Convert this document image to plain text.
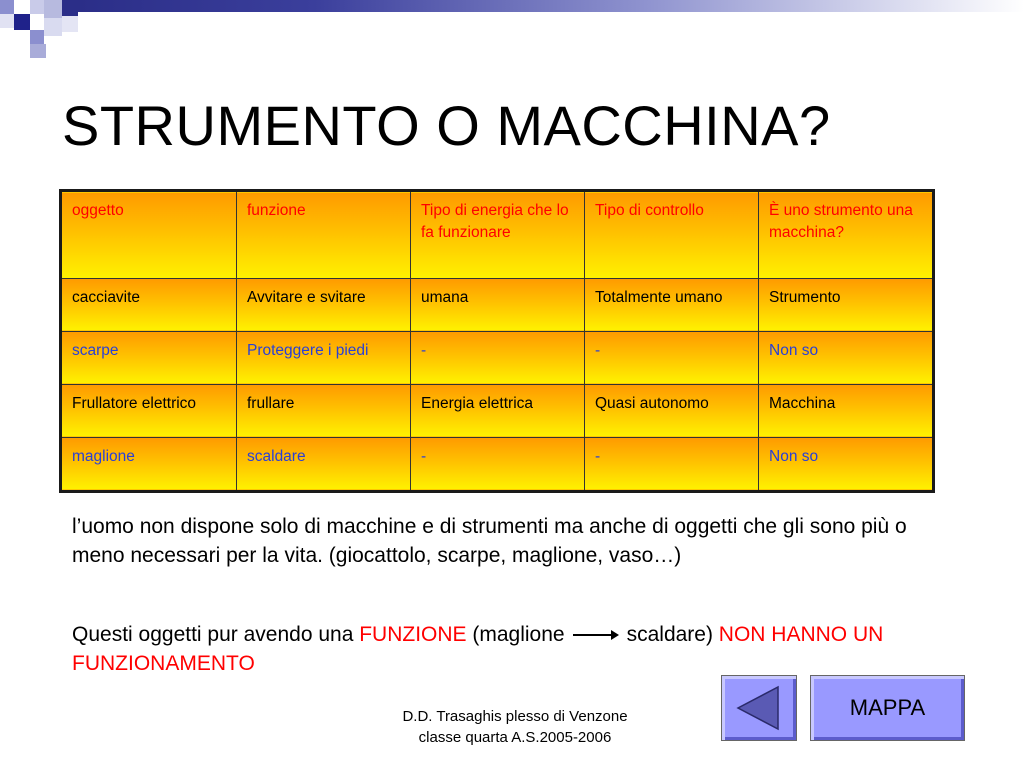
STRUMENTO O MACCHINA?
oggetto	funzione	Tipo di energia che lo fa funzionare	Tipo di controllo	È uno strumento una macchina?
cacciavite	Avvitare e svitare	umana	Totalmente umano	Strumento
scarpe	Proteggere i piedi	-	-	Non so
Frullatore elettrico	frullare	Energia elettrica	Quasi autonomo	Macchina
maglione	scaldare	-	-	Non so
l’uomo non dispone solo di macchine e di strumenti ma anche di oggetti che gli sono più o meno necessari per la vita. (giocattolo, scarpe, maglione, vaso…)
Questi oggetti pur avendo una FUNZIONE (maglione	scaldare) NON HANNO UN FUNZIONAMENTO
D.D. Trasaghis plesso di Venzone
classe quarta A.S.2005-2006
MAPPA
